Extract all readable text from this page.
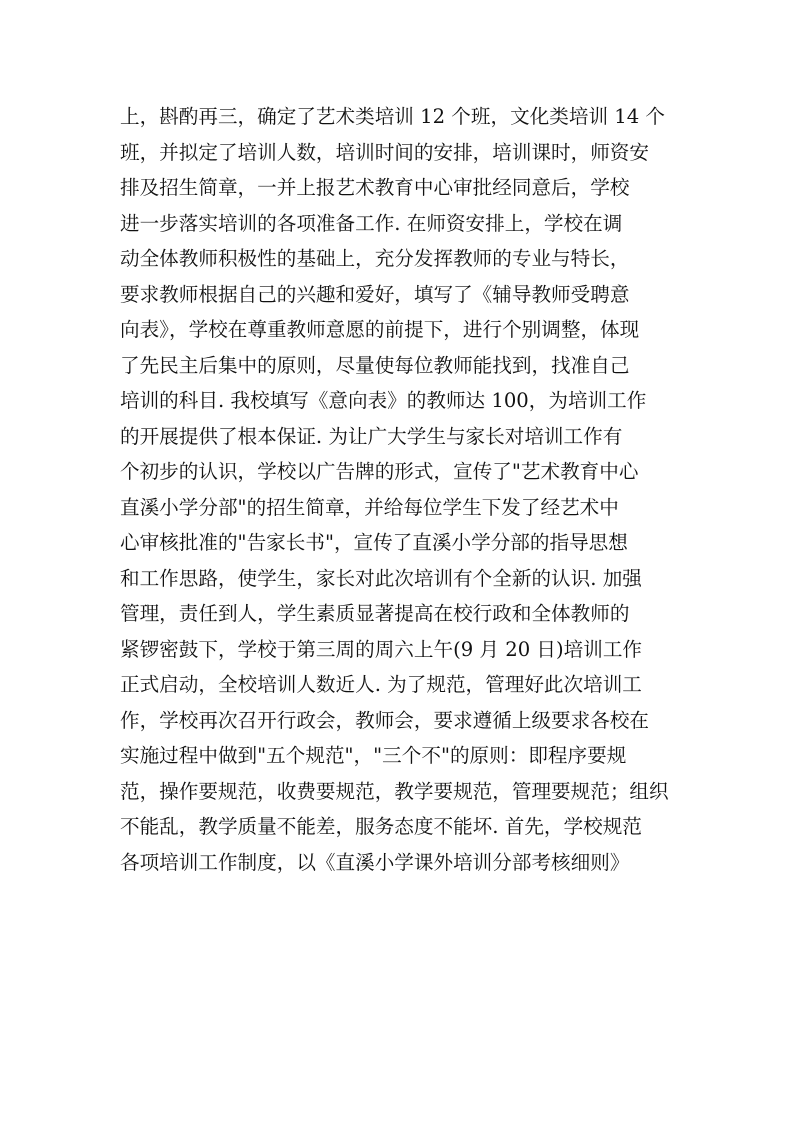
上，斟酌再三，确定了艺术类培训 12 个班，文化类培训 14 个
班，并拟定了培训人数，培训时间的安排，培训课时，师资安
排及招生简章，一并上报艺术教育中心审批经同意后，学校
进一步落实培训的各项准备工作. 在师资安排上，学校在调
动全体教师积极性的基础上，充分发挥教师的专业与特长，
要求教师根据自己的兴趣和爱好，填写了《辅导教师受聘意
向表》，学校在尊重教师意愿的前提下，进行个别调整，体现
了先民主后集中的原则，尽量使每位教师能找到，找准自己
培训的科目. 我校填写《意向表》的教师达 100，为培训工作
的开展提供了根本保证. 为让广大学生与家长对培训工作有
个初步的认识，学校以广告牌的形式，宣传了"艺术教育中心
直溪小学分部"的招生简章，并给每位学生下发了经艺术中
心审核批准的"告家长书"，宣传了直溪小学分部的指导思想
和工作思路，使学生，家长对此次培训有个全新的认识. 加强
管理，责任到人，学生素质显著提高在校行政和全体教师的
紧锣密鼓下，学校于第三周的周六上午(9 月 20 日)培训工作
正式启动，全校培训人数近人. 为了规范，管理好此次培训工
作，学校再次召开行政会，教师会，要求遵循上级要求各校在
实施过程中做到"五个规范"，"三个不"的原则：即程序要规
范，操作要规范，收费要规范，教学要规范，管理要规范；组织
不能乱，教学质量不能差，服务态度不能坏. 首先，学校规范
各项培训工作制度，以《直溪小学课外培训分部考核细则》
